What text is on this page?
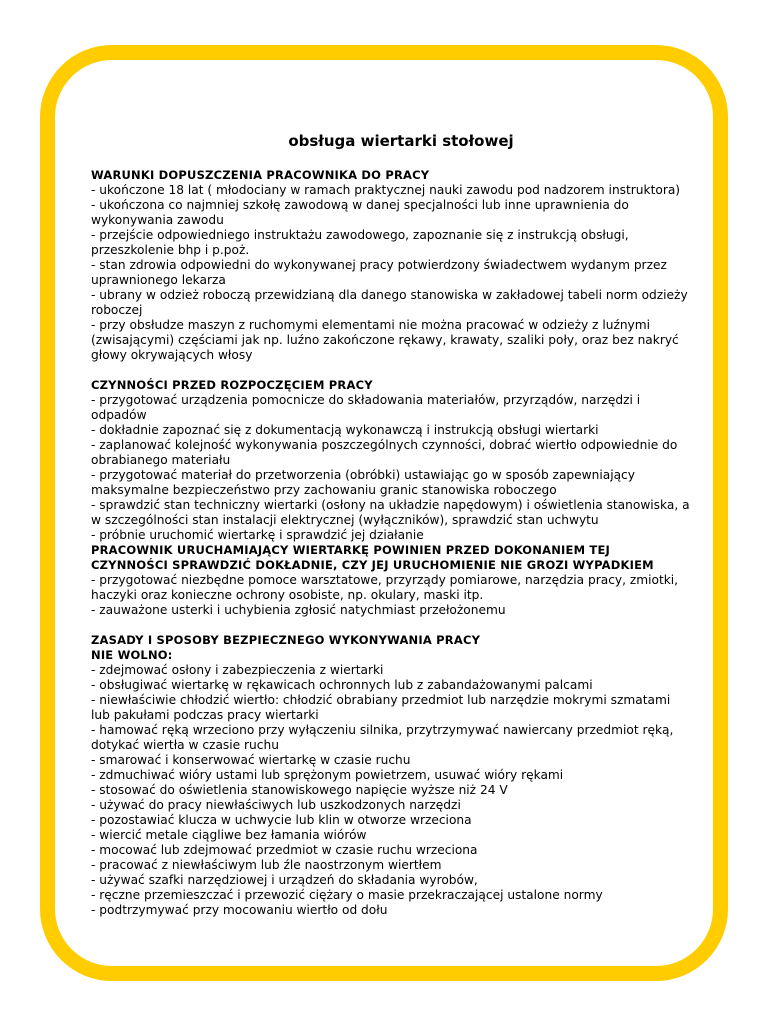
obsługa wiertarki stołowej
WARUNKI DOPUSZCZENIA PRACOWNIKA DO PRACY
- ukończone 18 lat ( młodociany w ramach praktycznej nauki zawodu pod nadzorem instruktora)
- ukończona co najmniej szkołę zawodową w danej specjalności lub inne uprawnienia do wykonywania zawodu
- przejście odpowiedniego instruktażu zawodowego, zapoznanie się z instrukcją obsługi, przeszkolenie bhp i p.poż.
- stan zdrowia odpowiedni do wykonywanej pracy potwierdzony świadectwem wydanym przez uprawnionego lekarza
- ubrany w odzież roboczą przewidzianą dla danego stanowiska w zakładowej tabeli norm odzieży roboczej
- przy obsłudze maszyn z ruchomymi elementami nie można pracować w odzieży z luźnymi (zwisającymi) częściami jak np. luźno zakończone rękawy, krawaty, szaliki poły, oraz bez nakryć głowy okrywających włosy
CZYNNOŚCI PRZED ROZPOCZĘCIEM PRACY
- przygotować urządzenia pomocnicze do składowania materiałów, przyrządów, narzędzi i odpadów
- dokładnie zapoznać się z dokumentacją wykonawczą i instrukcją obsługi wiertarki
- zaplanować kolejność wykonywania poszczególnych czynności, dobrać wiertło odpowiednie do obrabianego materiału
- przygotować materiał do przetworzenia (obróbki) ustawiając go w sposób zapewniający maksymalne bezpieczeństwo przy zachowaniu granic stanowiska roboczego
- sprawdzić stan techniczny wiertarki (osłony na układzie napędowym) i oświetlenia stanowiska, a w szczególności stan instalacji elektrycznej (wyłączników), sprawdzić stan uchwytu
- próbnie uruchomić wiertarkę i sprawdzić jej działanie
PRACOWNIK URUCHAMIAJĄCY WIERTARKĘ POWINIEN PRZED DOKONANIEM TEJ CZYNNOŚCI SPRAWDZIĆ DOKŁADNIE, CZY JEJ URUCHOMIENIE NIE GROZI WYPADKIEM
- przygotować niezbędne pomoce warsztatowe, przyrządy pomiarowe, narzędzia pracy, zmiotki, haczyki oraz konieczne ochrony osobiste, np. okulary, maski itp.
- zauważone usterki i uchybienia zgłosić natychmiast przełożonemu
ZASADY I SPOSOBY BEZPIECZNEGO WYKONYWANIA PRACY
NIE WOLNO:
- zdejmować osłony i zabezpieczenia z wiertarki
- obsługiwać wiertarkę w rękawicach ochronnych lub z zabandażowanymi palcami
- niewłaściwie chłodzić wiertło: chłodzić obrabiany przedmiot lub narzędzie mokrymi szmatami lub pakułami podczas pracy wiertarki
- hamować ręką wrzeciono przy wyłączeniu silnika, przytrzymywać nawiercany przedmiot ręką, dotykać wiertła w czasie ruchu
- smarować i konserwować wiertarkę w czasie ruchu
- zdmuchiwać wióry ustami lub sprężonym powietrzem, usuwać wióry rękami
- stosować do oświetlenia stanowiskowego napięcie wyższe niż 24 V
- używać do pracy niewłaściwych lub uszkodzonych narzędzi
- pozostawiać klucza w uchwycie lub klin w otworze wrzeciona
- wiercić metale ciągliwe bez łamania wiórów
- mocować lub zdejmować przedmiot w czasie ruchu wrzeciona
- pracować z niewłaściwym lub źle naostrzonym wiertłem
- używać szafki narzędziowej i urządzeń do składania wyrobów,
- ręczne przemieszczać i przewozić ciężary o masie przekraczającej ustalone normy
- podtrzymywać przy mocowaniu wiertło od dołu
